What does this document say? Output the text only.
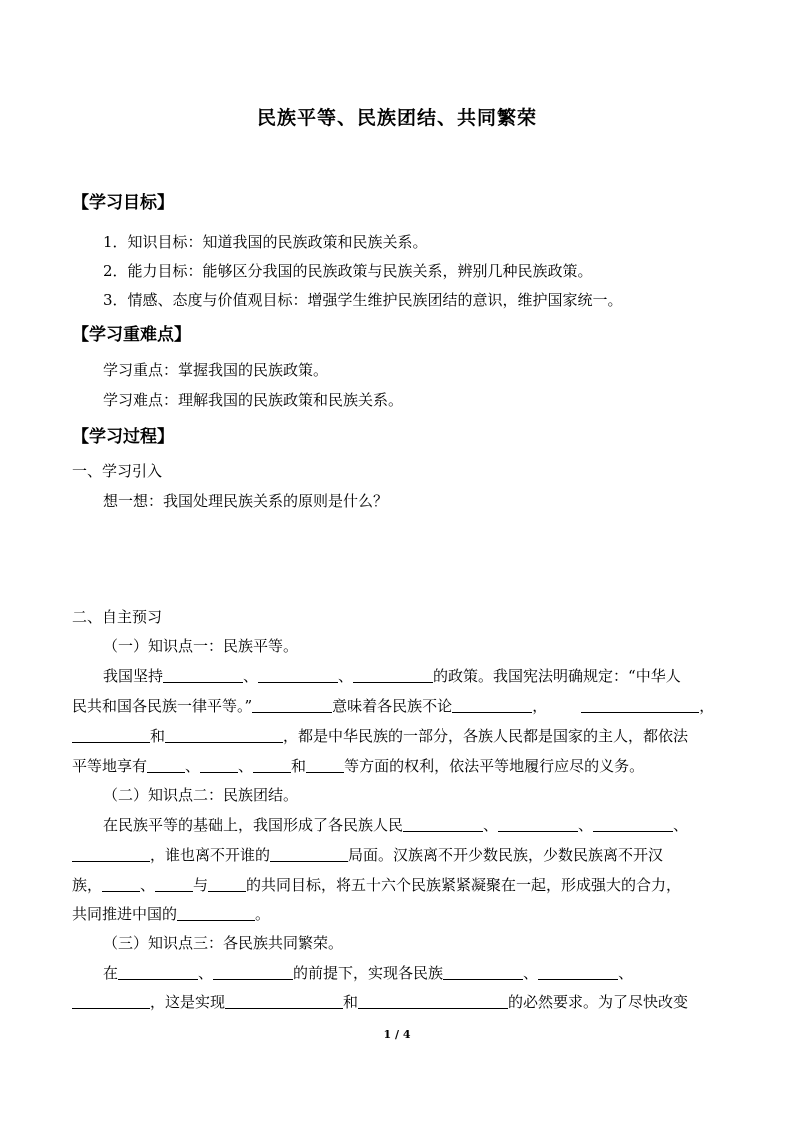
民族平等、民族团结、共同繁荣
【学习目标】
1．知识目标：知道我国的民族政策和民族关系。
2．能力目标：能够区分我国的民族政策与民族关系，辨别几种民族政策。
3．情感、态度与价值观目标：增强学生维护民族团结的意识，维护国家统一。
【学习重难点】
学习重点：掌握我国的民族政策。
学习难点：理解我国的民族政策和民族关系。
【学习过程】
一、学习引入
想一想：我国处理民族关系的原则是什么？
二、自主预习
（一）知识点一：民族平等。
我国坚持	、	、	的政策。我国宪法明确规定：“中华人
民共和国各民族一律平等。”	意味着各民族不论	，	，
和	，都是中华民族的一部分，各族人民都是国家的主人，都依法
平等地享有	、	、	和	等方面的权利，依法平等地履行应尽的义务。
（二）知识点二：民族团结。
在民族平等的基础上，我国形成了各民族人民	、	、	、
，谁也离不开谁的	局面。汉族离不开少数民族，少数民族离不开汉
族，	、	与	的共同目标，将五十六个民族紧紧凝聚在一起，形成强大的合力，
共同推进中国的	。
（三）知识点三：各民族共同繁荣。
在	、	的前提下，实现各民族	、	、
，这是实现	和	的必然要求。为了尽快改变
1 / 4
